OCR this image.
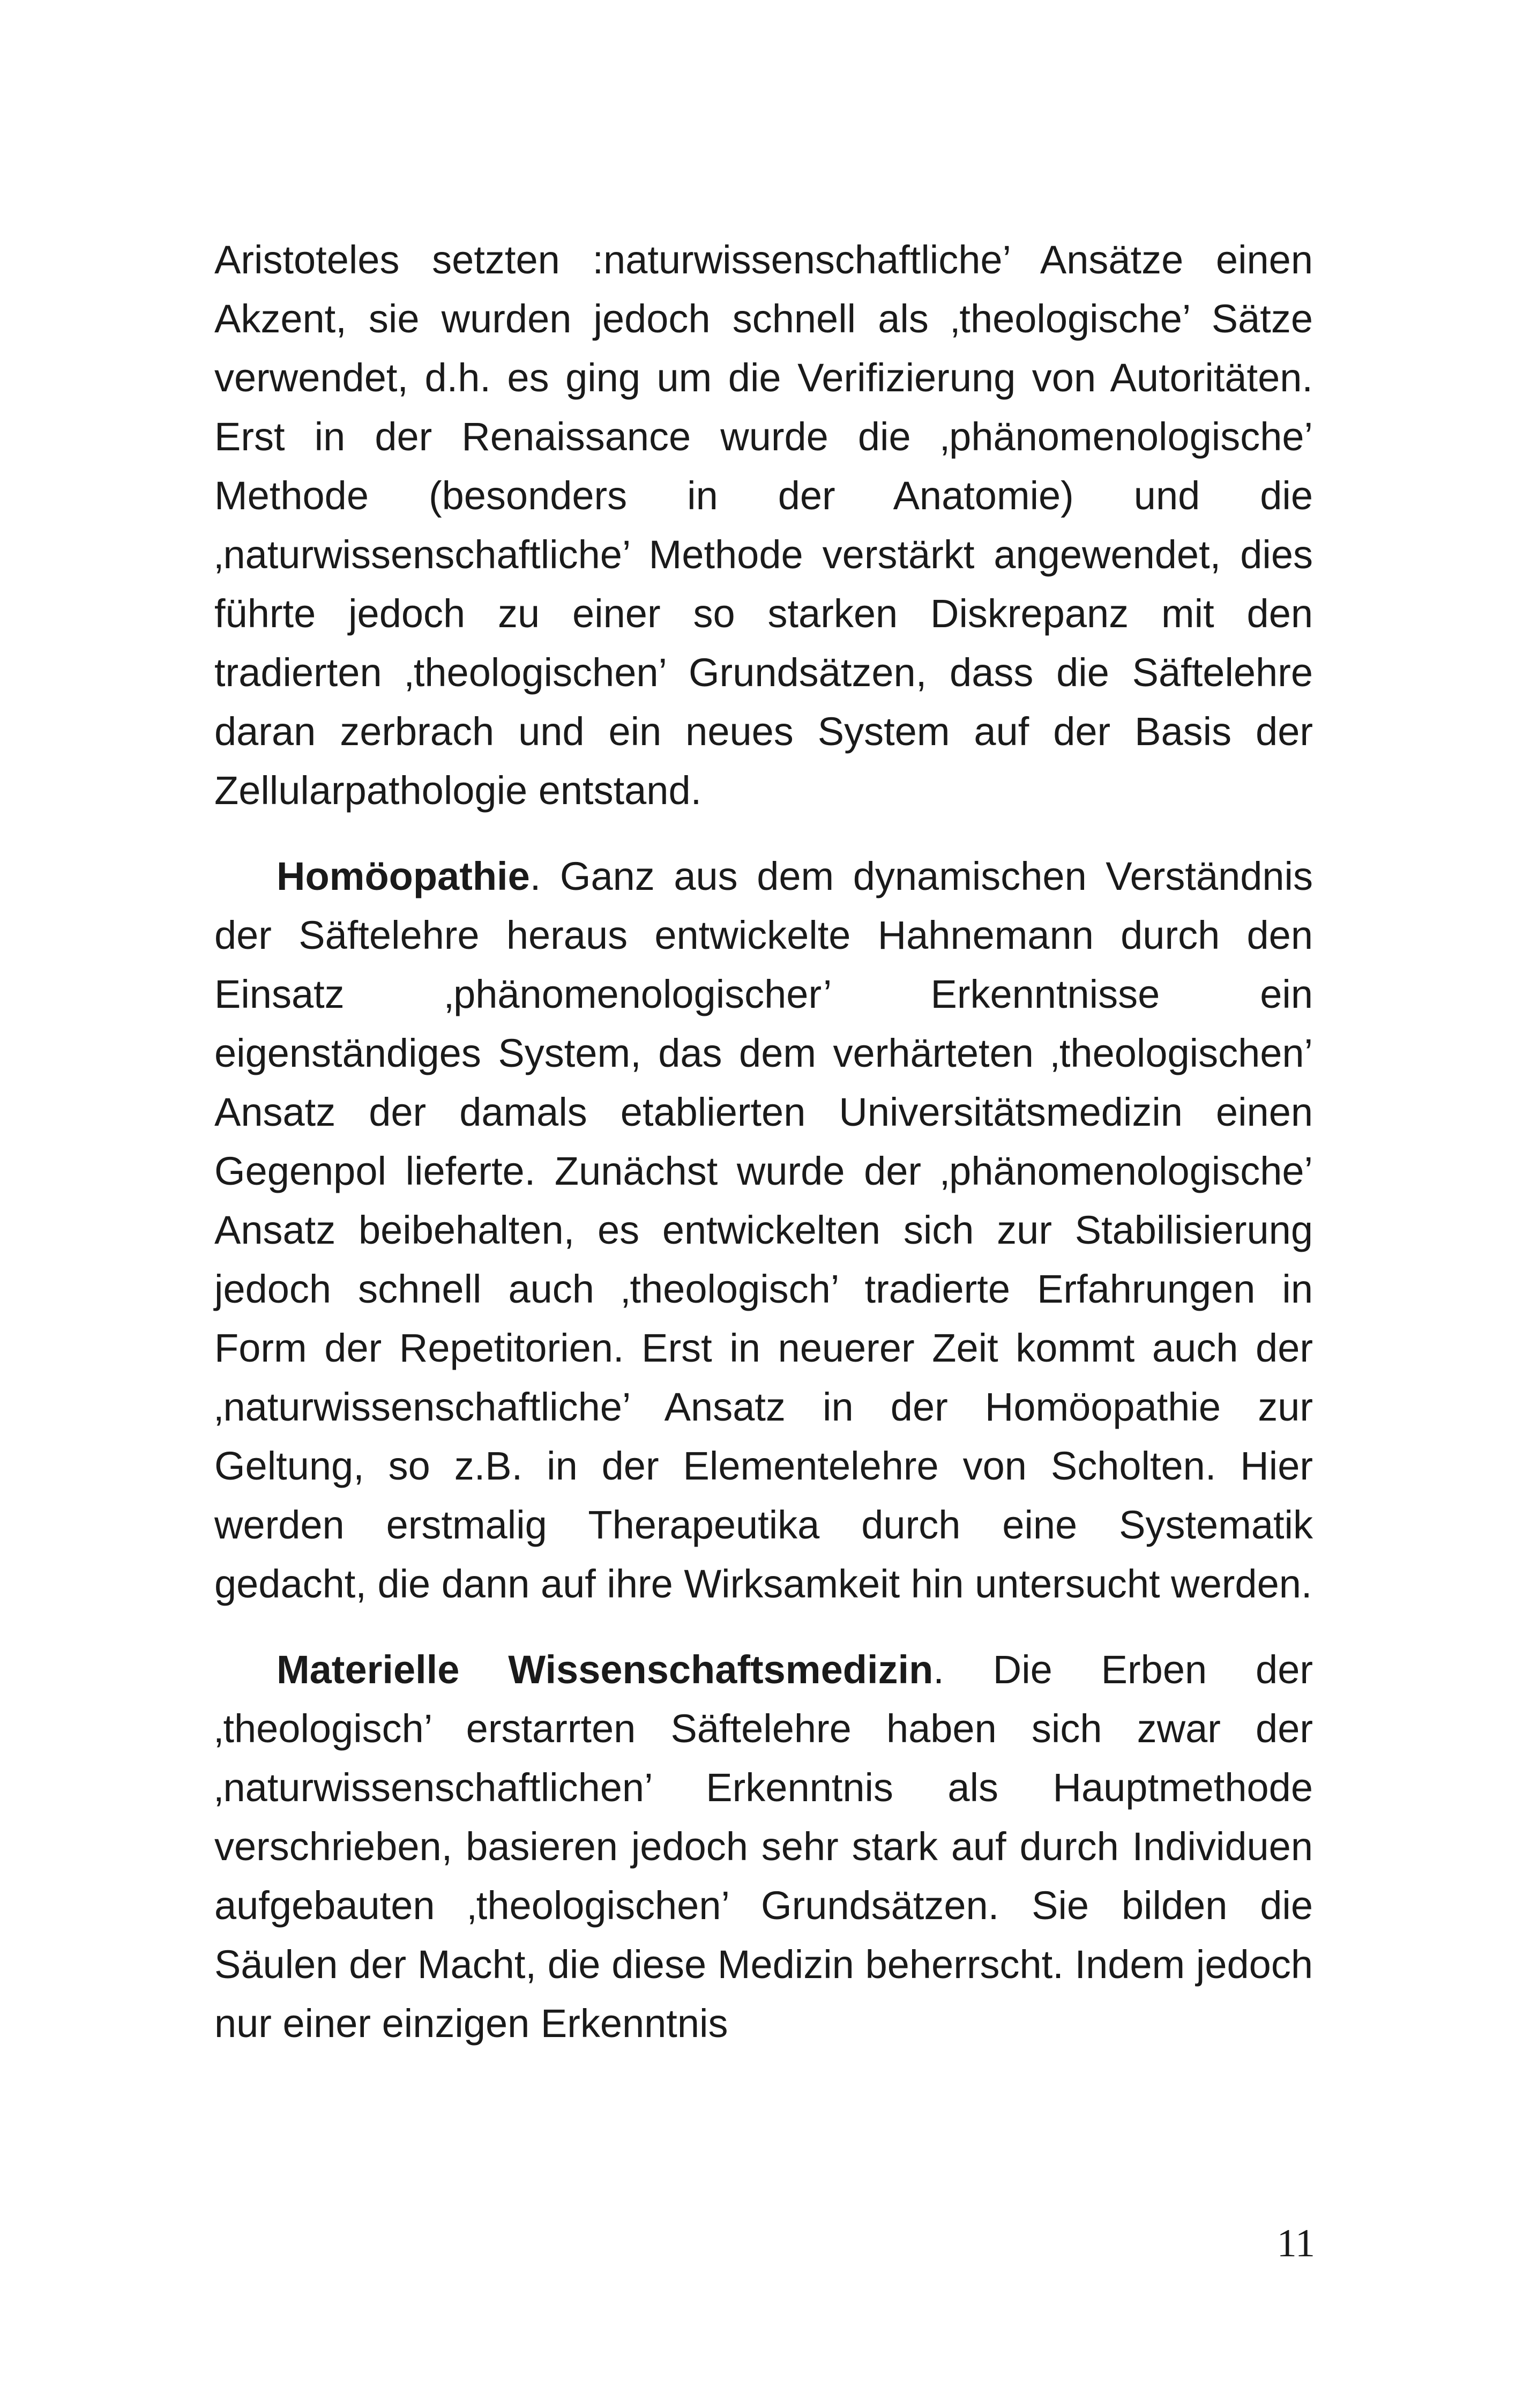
Aristoteles setzten :naturwissenschaftliche’ Ansätze einen Akzent, sie wurden jedoch schnell als ‚theologische’ Sätze verwendet, d.h. es ging um die Verifizierung von Autoritäten. Erst in der Renaissance wurde die ‚phänomenologische’ Methode (besonders in der Anatomie) und die ‚naturwissenschaftliche’ Methode verstärkt angewendet, dies führte jedoch zu einer so starken Diskrepanz mit den tradierten ‚theologischen’ Grundsätzen, dass die Säftelehre daran zerbrach und ein neues System auf der Basis der Zellularpathologie entstand.

Homöopathie. Ganz aus dem dynamischen Verständnis der Säftelehre heraus entwickelte Hahnemann durch den Einsatz ‚phänomenologischer’ Erkenntnisse ein eigenständiges System, das dem verhärteten ‚theologischen’ Ansatz der damals etablierten Universitätsmedizin einen Gegenpol lieferte. Zunächst wurde der ‚phänomenologische’ Ansatz beibehalten, es entwickelten sich zur Stabilisierung jedoch schnell auch ‚theologisch’ tradierte Erfahrungen in Form der Repetitorien. Erst in neuerer Zeit kommt auch der ‚naturwissenschaftliche’ Ansatz in der Homöopathie zur Geltung, so z.B. in der Elementelehre von Scholten. Hier werden erstmalig Therapeutika durch eine Systematik gedacht, die dann auf ihre Wirksamkeit hin untersucht werden.

Materielle Wissenschaftsmedizin. Die Erben der ‚theologisch’ erstarrten Säftelehre haben sich zwar der ‚naturwissenschaftlichen’ Erkenntnis als Hauptmethode verschrieben, basieren jedoch sehr stark auf durch Individuen aufgebauten ‚theologischen’ Grundsätzen. Sie bilden die Säulen der Macht, die diese Medizin beherrscht. Indem jedoch nur einer einzigen Erkenntnis

11
